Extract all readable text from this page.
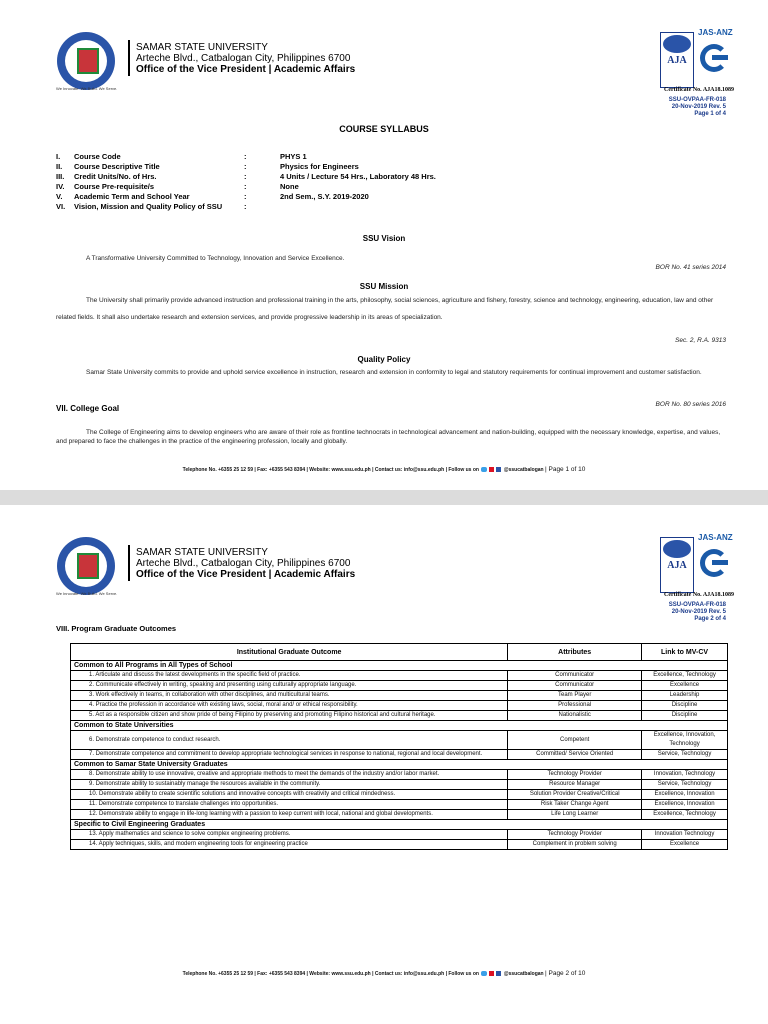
We Innovate. We Build. We Serve.
SAMAR STATE UNIVERSITY
Arteche Blvd., Catbalogan City, Philippines 6700
Office of the Vice President | Academic Affairs
AJA
JAS-ANZ
Certificate No. AJA18.1089
SSU-OVPAA-FR-018
20-Nov-2019 Rev. 5
Page 1 of 4
COURSE SYLLABUS
I. Course Code	:	PHYS 1
II. Course Descriptive Title	:	Physics for Engineers
III. Credit Units/No. of Hrs.	:	4 Units / Lecture 54 Hrs., Laboratory 48 Hrs.
IV. Course Pre-requisite/s	:	None
V. Academic Term and School Year	:	2nd Sem., S.Y. 2019-2020
VI. Vision, Mission and Quality Policy of SSU	:
SSU Vision
A Transformative University Committed to Technology, Innovation and Service Excellence.
BOR No. 41 series 2014
SSU Mission
The University shall primarily provide advanced instruction and professional training in the arts, philosophy, social sciences, agriculture and fishery, forestry, science and technology, engineering, education, law and other related fields. It shall also undertake research and extension services, and provide progressive leadership in its areas of specialization.
Sec. 2, R.A. 9313
Quality Policy
Samar State University commits to provide and uphold service excellence in instruction, research and extension in conformity to legal and statutory requirements for continual improvement and customer satisfaction.
BOR No. 80 series 2016
VII. College Goal
The College of Engineering aims to develop engineers who are aware of their role as frontline technocrats in technological advancement and nation-building, equipped with the necessary knowledge, expertise, and values, and prepared to face the challenges in the practice of the engineering profession, locally and globally.
Telephone No. +6355 25 12 59 | Fax: +6355 543 8394 | Website: www.ssu.edu.ph | Contact us: info@ssu.edu.ph | Follow us on	@ssucatbalogan | Page 1 of 10
We Innovate. We Build. We Serve.
SAMAR STATE UNIVERSITY
Arteche Blvd., Catbalogan City, Philippines 6700
Office of the Vice President | Academic Affairs
AJA
JAS-ANZ
Certificate No. AJA18.1089
SSU-OVPAA-FR-018
20-Nov-2019 Rev. 5
Page 2 of 4
VIII. Program Graduate Outcomes
Institutional Graduate Outcome	Attributes	Link to MV-CV
Common to All Programs in All Types of School		
1. Articulate and discuss the latest developments in the specific field of practice.	Communicator	Excellence, Technology
2. Communicate effectively in writing, speaking and presenting using culturally appropriate language.	Communicator	Excellence
3. Work effectively in teams, in collaboration with other disciplines, and multicultural teams.	Team Player	Leadership
4. Practice the profession in accordance with existing laws, social, moral and/ or ethical responsibility.	Professional	Discipline
5. Act as a responsible citizen and show pride of being Filipino by preserving and promoting Filipino historical and cultural heritage.	Nationalistic	Discipline
Common to State Universities		
6. Demonstrate competence to conduct research.	Competent	Excellence, Innovation, Technology
7. Demonstrate competence and commitment to develop appropriate technological services in response to national, regional and local development.	Committed/ Service Oriented	Service, Technology
Common to Samar State University Graduates		
8. Demonstrate ability to use innovative, creative and appropriate methods to meet the demands of the industry and/or labor market.	Technology Provider	Innovation, Technology
9. Demonstrate ability to sustainably manage the resources available in the community.	Resource Manager	Service, Technology
10. Demonstrate ability to create scientific solutions and innovative concepts with creativity and critical mindedness.	Solution Provider Creative/Critical	Excellence, Innovation
11. Demonstrate competence to translate challenges into opportunities.	Risk Taker Change Agent	Excellence, Innovation
12. Demonstrate ability to engage in life-long learning with a passion to keep current with local, national and global developments.	Life Long Learner	Excellence, Technology
Specific to Civil Engineering Graduates		
13. Apply mathematics and science to solve complex engineering problems.	Technology Provider	Innovation Technology
14. Apply techniques, skills, and modern engineering tools for engineering practice	Complement in problem solving	Excellence
Telephone No. +6355 25 12 59 | Fax: +6355 543 8394 | Website: www.ssu.edu.ph | Contact us: info@ssu.edu.ph | Follow us on	@ssucatbalogan | Page 2 of 10
